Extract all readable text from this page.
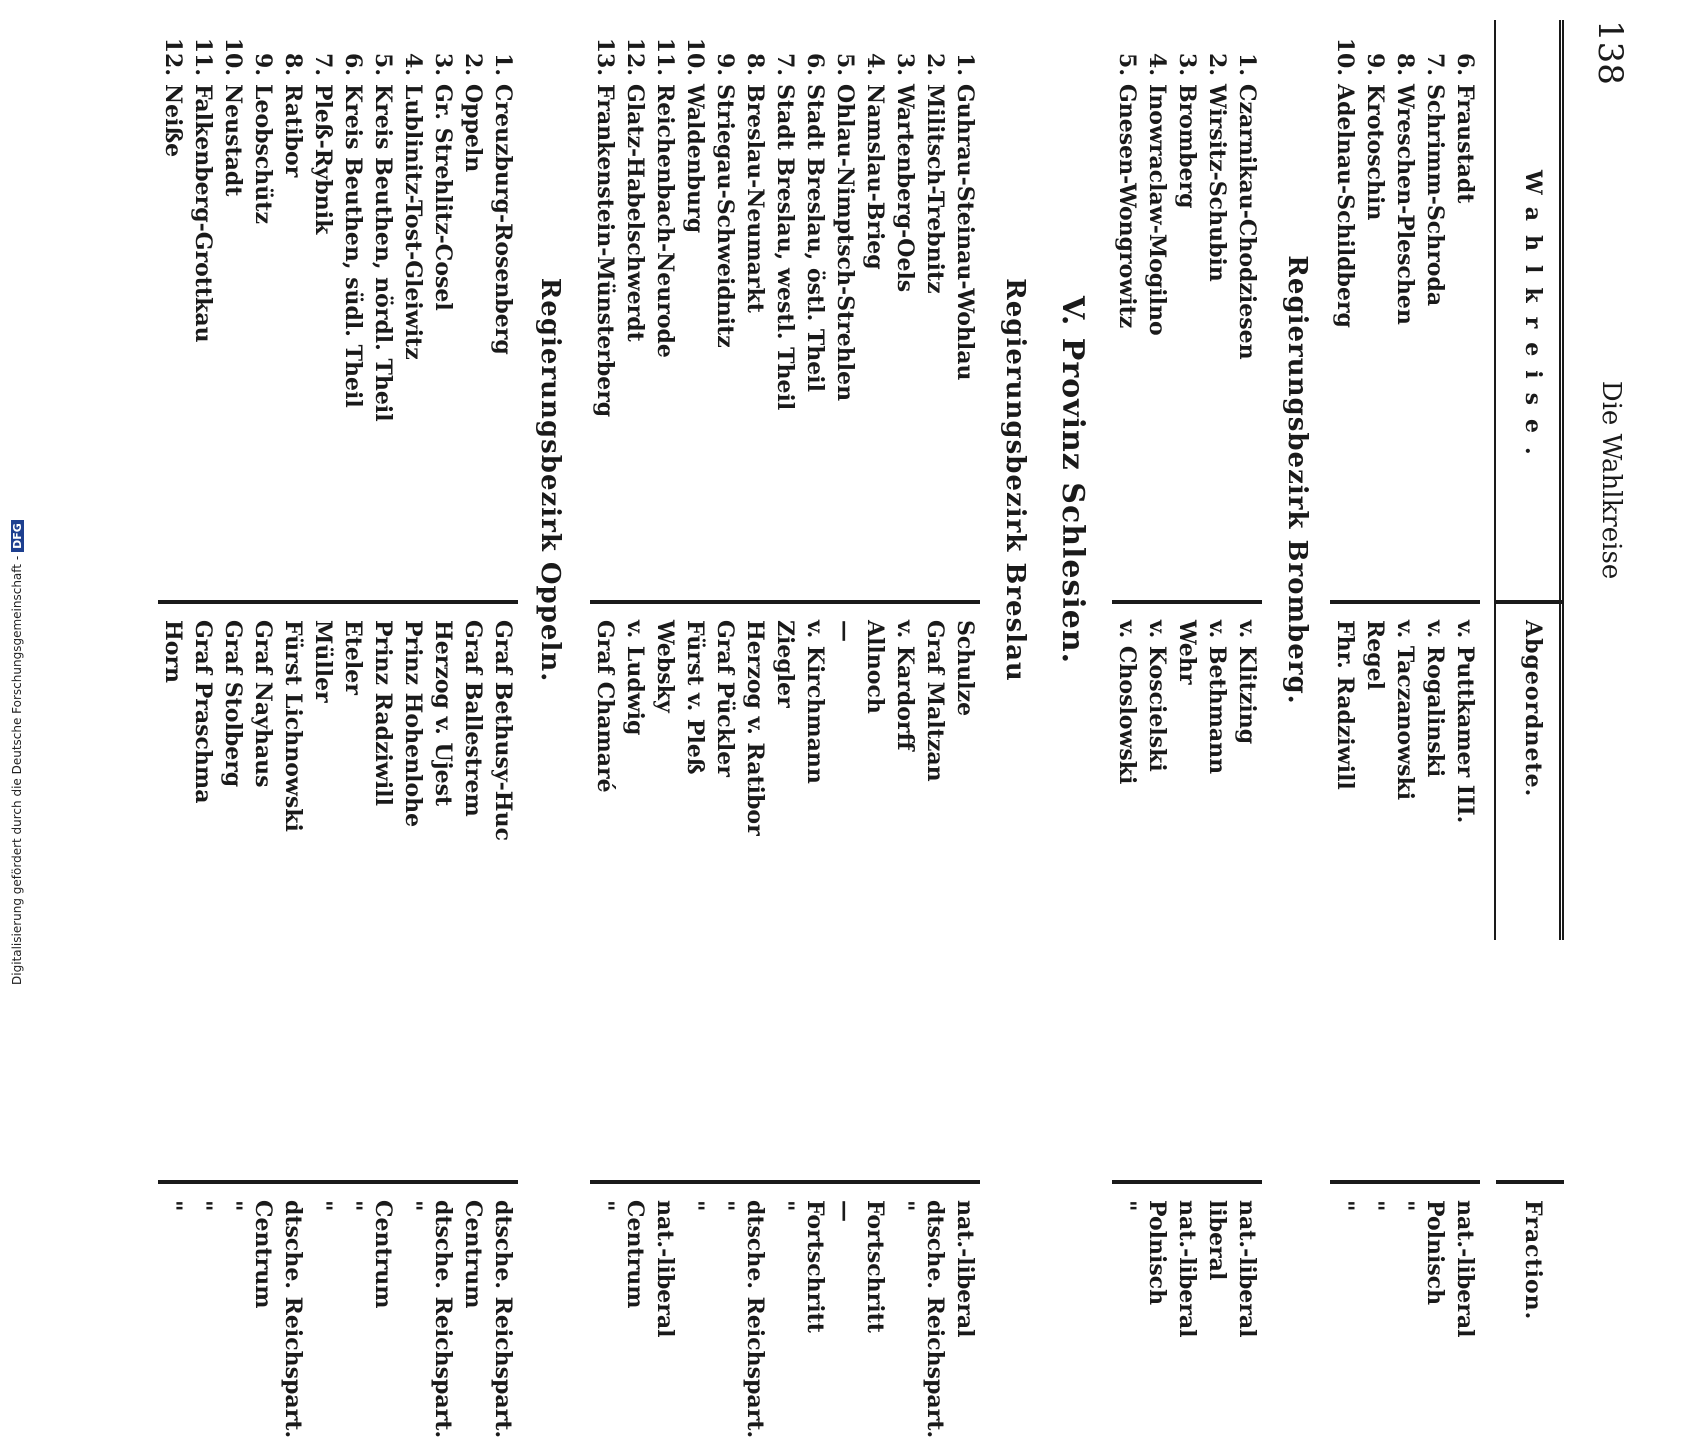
138
Die Wahlkreise
Wahlkreise.
Abgeordnete.
Fraction.
6.
Fraustadt
v. Puttkamer III.
nat.-liberal
7.
Schrimm-Schroda
v. Rogalinski
Polnisch
8.
Wreschen-Pleschen
v. Taczanowski
"
9.
Krotoschin
Regel
"
10.
Adelnau-Schildberg
Fhr. Radziwill
"
Regierungsbezirk Bromberg.
1.
Czarnikau-Chodziesen
v. Klitzing
nat.-liberal
2.
Wirsitz-Schubin
v. Bethmann
liberal
3.
Bromberg
Wehr
nat.-liberal
4.
Inowraclaw-Mogilno
v. Koscielski
Polnisch
5.
Gnesen-Wongrowitz
v. Choslowski
"
V. Provinz Schlesien.
Regierungsbezirk Breslau
1.
Guhrau-Steinau-Wohlau
Schulze
nat.-liberal
2.
Militsch-Trebnitz
Graf Maltzan
dtsche. Reichspart.
3.
Wartenberg-Oels
v. Kardorff
"
4.
Namslau-Brieg
Allnoch
Fortschritt
5.
Ohlau-Nimptsch-Strehlen
—
—
6.
Stadt Breslau, östl. Theil
v. Kirchmann
Fortschritt
7.
Stadt Breslau, westl. Theil
Ziegler
"
8.
Breslau-Neumarkt
Herzog v. Ratibor
dtsche. Reichspart.
9.
Striegau-Schweidnitz
Graf Pückler
"
10.
Waldenburg
Fürst v. Pleß
"
11.
Reichenbach-Neurode
Websky
nat.-liberal
12.
Glatz-Habelschwerdt
v. Ludwig
Centrum
13.
Frankenstein-Münsterberg
Graf Chamaré
"
Regierungsbezirk Oppeln.
1.
Creuzburg-Rosenberg
Graf Bethusy-Huc
dtsche. Reichspart.
2.
Oppeln
Graf Ballestrem
Centrum
3.
Gr. Strehlitz-Cosel
Herzog v. Ujest
dtsche. Reichspart.
4.
Lublinitz-Tost-Gleiwitz
Prinz Hohenlohe
"
5.
Kreis Beuthen, nördl. Theil
Prinz Radziwill
Centrum
6.
Kreis Beuthen, südl. Theil
Eteler
"
7.
Pleß-Rybnik
Müller
"
8.
Ratibor
Fürst Lichnowski
dtsche. Reichspart.
9.
Leobschütz
Graf Nayhaus
Centrum
10.
Neustadt
Graf Stolberg
"
11.
Falkenberg-Grottkau
Graf Praschma
"
12.
Neiße
Horn
"
Digitalisierung gefördert durch die Deutsche Forschungsgemeinschaft -DFG
